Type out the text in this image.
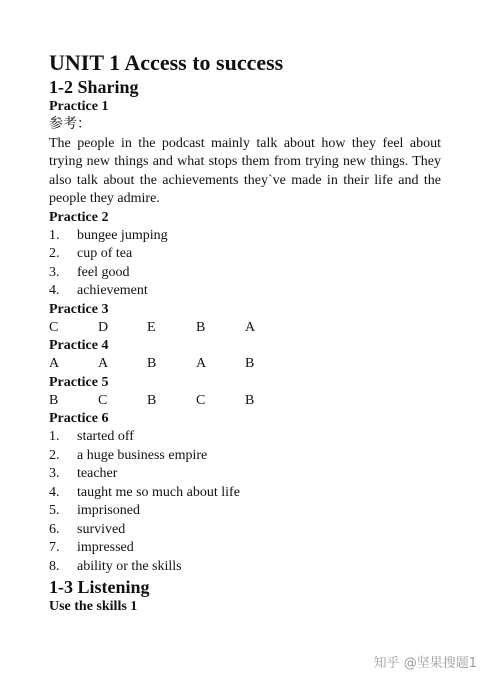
UNIT 1 Access to success
1-2 Sharing
Practice 1
参考：

The people in the podcast mainly talk about how they feel about trying new things and what stops them from trying new things. They also talk about the achievements they`ve made in their life and the people they admire.

Practice 2
1.	bungee jumping
2.	cup of tea
3.	feel good
4.	achievement
Practice 3
C	D	E	B	A
Practice 4
A	A	B	A	B
Practice 5
B	C	B	C	B
Practice 6
1.	started off
2.	a huge business empire
3.	teacher
4.	taught me so much about life
5.	imprisoned
6.	survived
7.	impressed
8.	ability or the skills
1-3 Listening
Use the skills 1
知乎 @坚果搜题1
